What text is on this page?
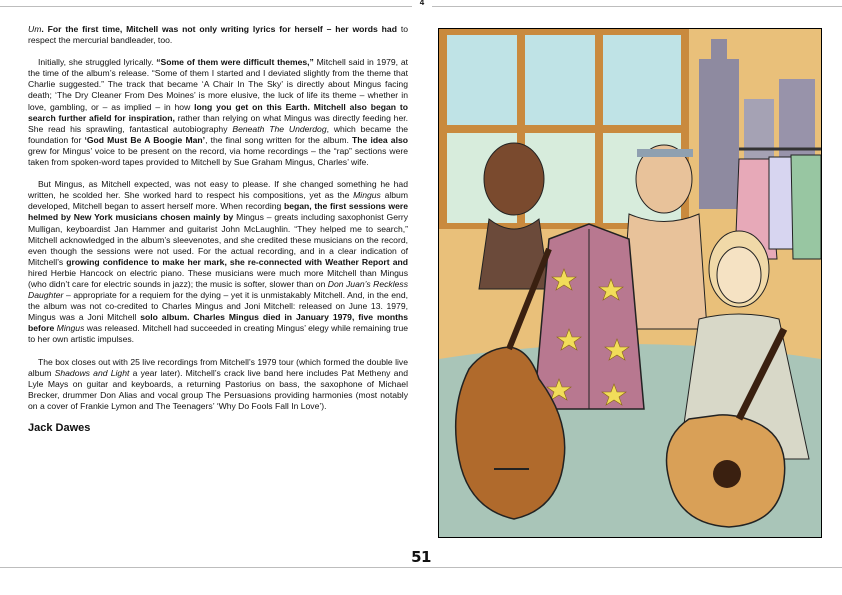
4

Um. For the first time, Mitchell was not only writing lyrics for herself – her words had to respect the mercurial bandleader, too.

Initially, she struggled lyrically. “Some of them were difficult themes,” Mitchell said in 1979, at the time of the album’s release. “Some of them I started and I deviated slightly from the theme that Charlie suggested.” The track that became ‘A Chair In The Sky’ is directly about Mingus facing death; ‘The Dry Cleaner From Des Moines’ is more elusive, the luck of life its theme – whether in love, gambling, or – as implied – in how long you get on this Earth. Mitchell also began to search further afield for inspiration, rather than relying on what Mingus was directly feeding her. She read his sprawling, fantastical autobiography Beneath The Underdog, which became the foundation for ‘God Must Be A Boogie Man’, the final song written for the album. The idea also grew for Mingus’ voice to be present on the record, via home recordings – the “rap” sections were taken from spoken-word tapes provided to Mitchell by Sue Graham Mingus, Charles’ wife.

But Mingus, as Mitchell expected, was not easy to please. If she changed something he had written, he scolded her. She worked hard to respect his compositions, yet as the Mingus album developed, Mitchell began to assert herself more. When recording began, the first sessions were helmed by New York musicians chosen mainly by Mingus – greats including saxophonist Gerry Mulligan, keyboardist Jan Hammer and guitarist John McLaughlin. “They helped me to search,” Mitchell acknowledged in the album’s sleevenotes, and she credited these musicians on the record, even though the sessions were not used. For the actual recording, and in a clear indication of Mitchell’s growing confidence to make her mark, she re-connected with Weather Report and hired Herbie Hancock on electric piano. These musicians were much more Mitchell than Mingus (who didn’t care for electric sounds in jazz); the music is softer, slower than on Don Juan’s Reckless Daughter – appropriate for a requiem for the dying – yet it is unmistakably Mitchell. And, in the end, the album was not co-credited to Charles Mingus and Joni Mitchell: released on June 13. 1979, Mingus was a Joni Mitchell solo album. Charles Mingus died in January 1979, five months before Mingus was released. Mitchell had succeeded in creating Mingus’ elegy while remaining true to her own artistic impulses.

The box closes out with 25 live recordings from Mitchell’s 1979 tour (which formed the double live album Shadows and Light a year later). Mitchell’s crack live band here includes Pat Metheny and Lyle Mays on guitar and keyboards, a returning Pastorius on bass, the saxophone of Michael Brecker, drummer Don Alias and vocal group The Persuasions providing harmonies (most notably on a cover of Frankie Lymon and The Teenagers’ ‘Why Do Fools Fall In Love’).

Jack Dawes
51
